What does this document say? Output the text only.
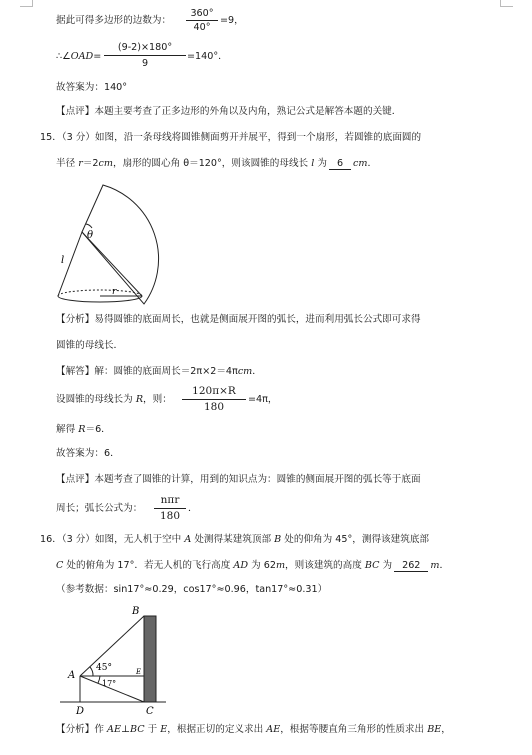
据此可得多边形的边数为：
360°
40°
=9，
∴∠OAD=
(9-2)×180°
9
=140°．
故答案为：140°
【点评】本题主要考查了正多边形的外角以及内角，熟记公式是解答本题的关键．
15．（3 分）如图，沿一条母线将圆锥侧面剪开并展平，得到一个扇形，若圆锥的底面圆的
半径 r＝2cm，扇形的圆心角 θ＝120°，则该圆锥的母线长 l 为 6 cm．
θ
l
r
【分析】易得圆锥的底面周长，也就是侧面展开图的弧长，进而利用弧长公式即可求得
圆锥的母线长．
【解答】解：圆锥的底面周长＝2π×2＝4πcm．
设圆锥的母线长为 R，则：
120π×R
180
=4π，
解得 R＝6．
故答案为：6．
【点评】本题考查了圆锥的计算，用到的知识点为：圆锥的侧面展开图的弧长等于底面
周长；弧长公式为：
nπr
180
．
16．（3 分）如图，无人机于空中 A 处测得某建筑顶部 B 处的仰角为 45°，测得该建筑底部
C 处的俯角为 17°．若无人机的飞行高度 AD 为 62m，则该建筑的高度 BC 为 262 m．
（参考数据：sin17°≈0.29，cos17°≈0.96，tan17°≈0.31）
B
A
D	C
E
45°
17°
【分析】作 AE⊥BC 于 E，根据正切的定义求出 AE，根据等腰直角三角形的性质求出 BE，
